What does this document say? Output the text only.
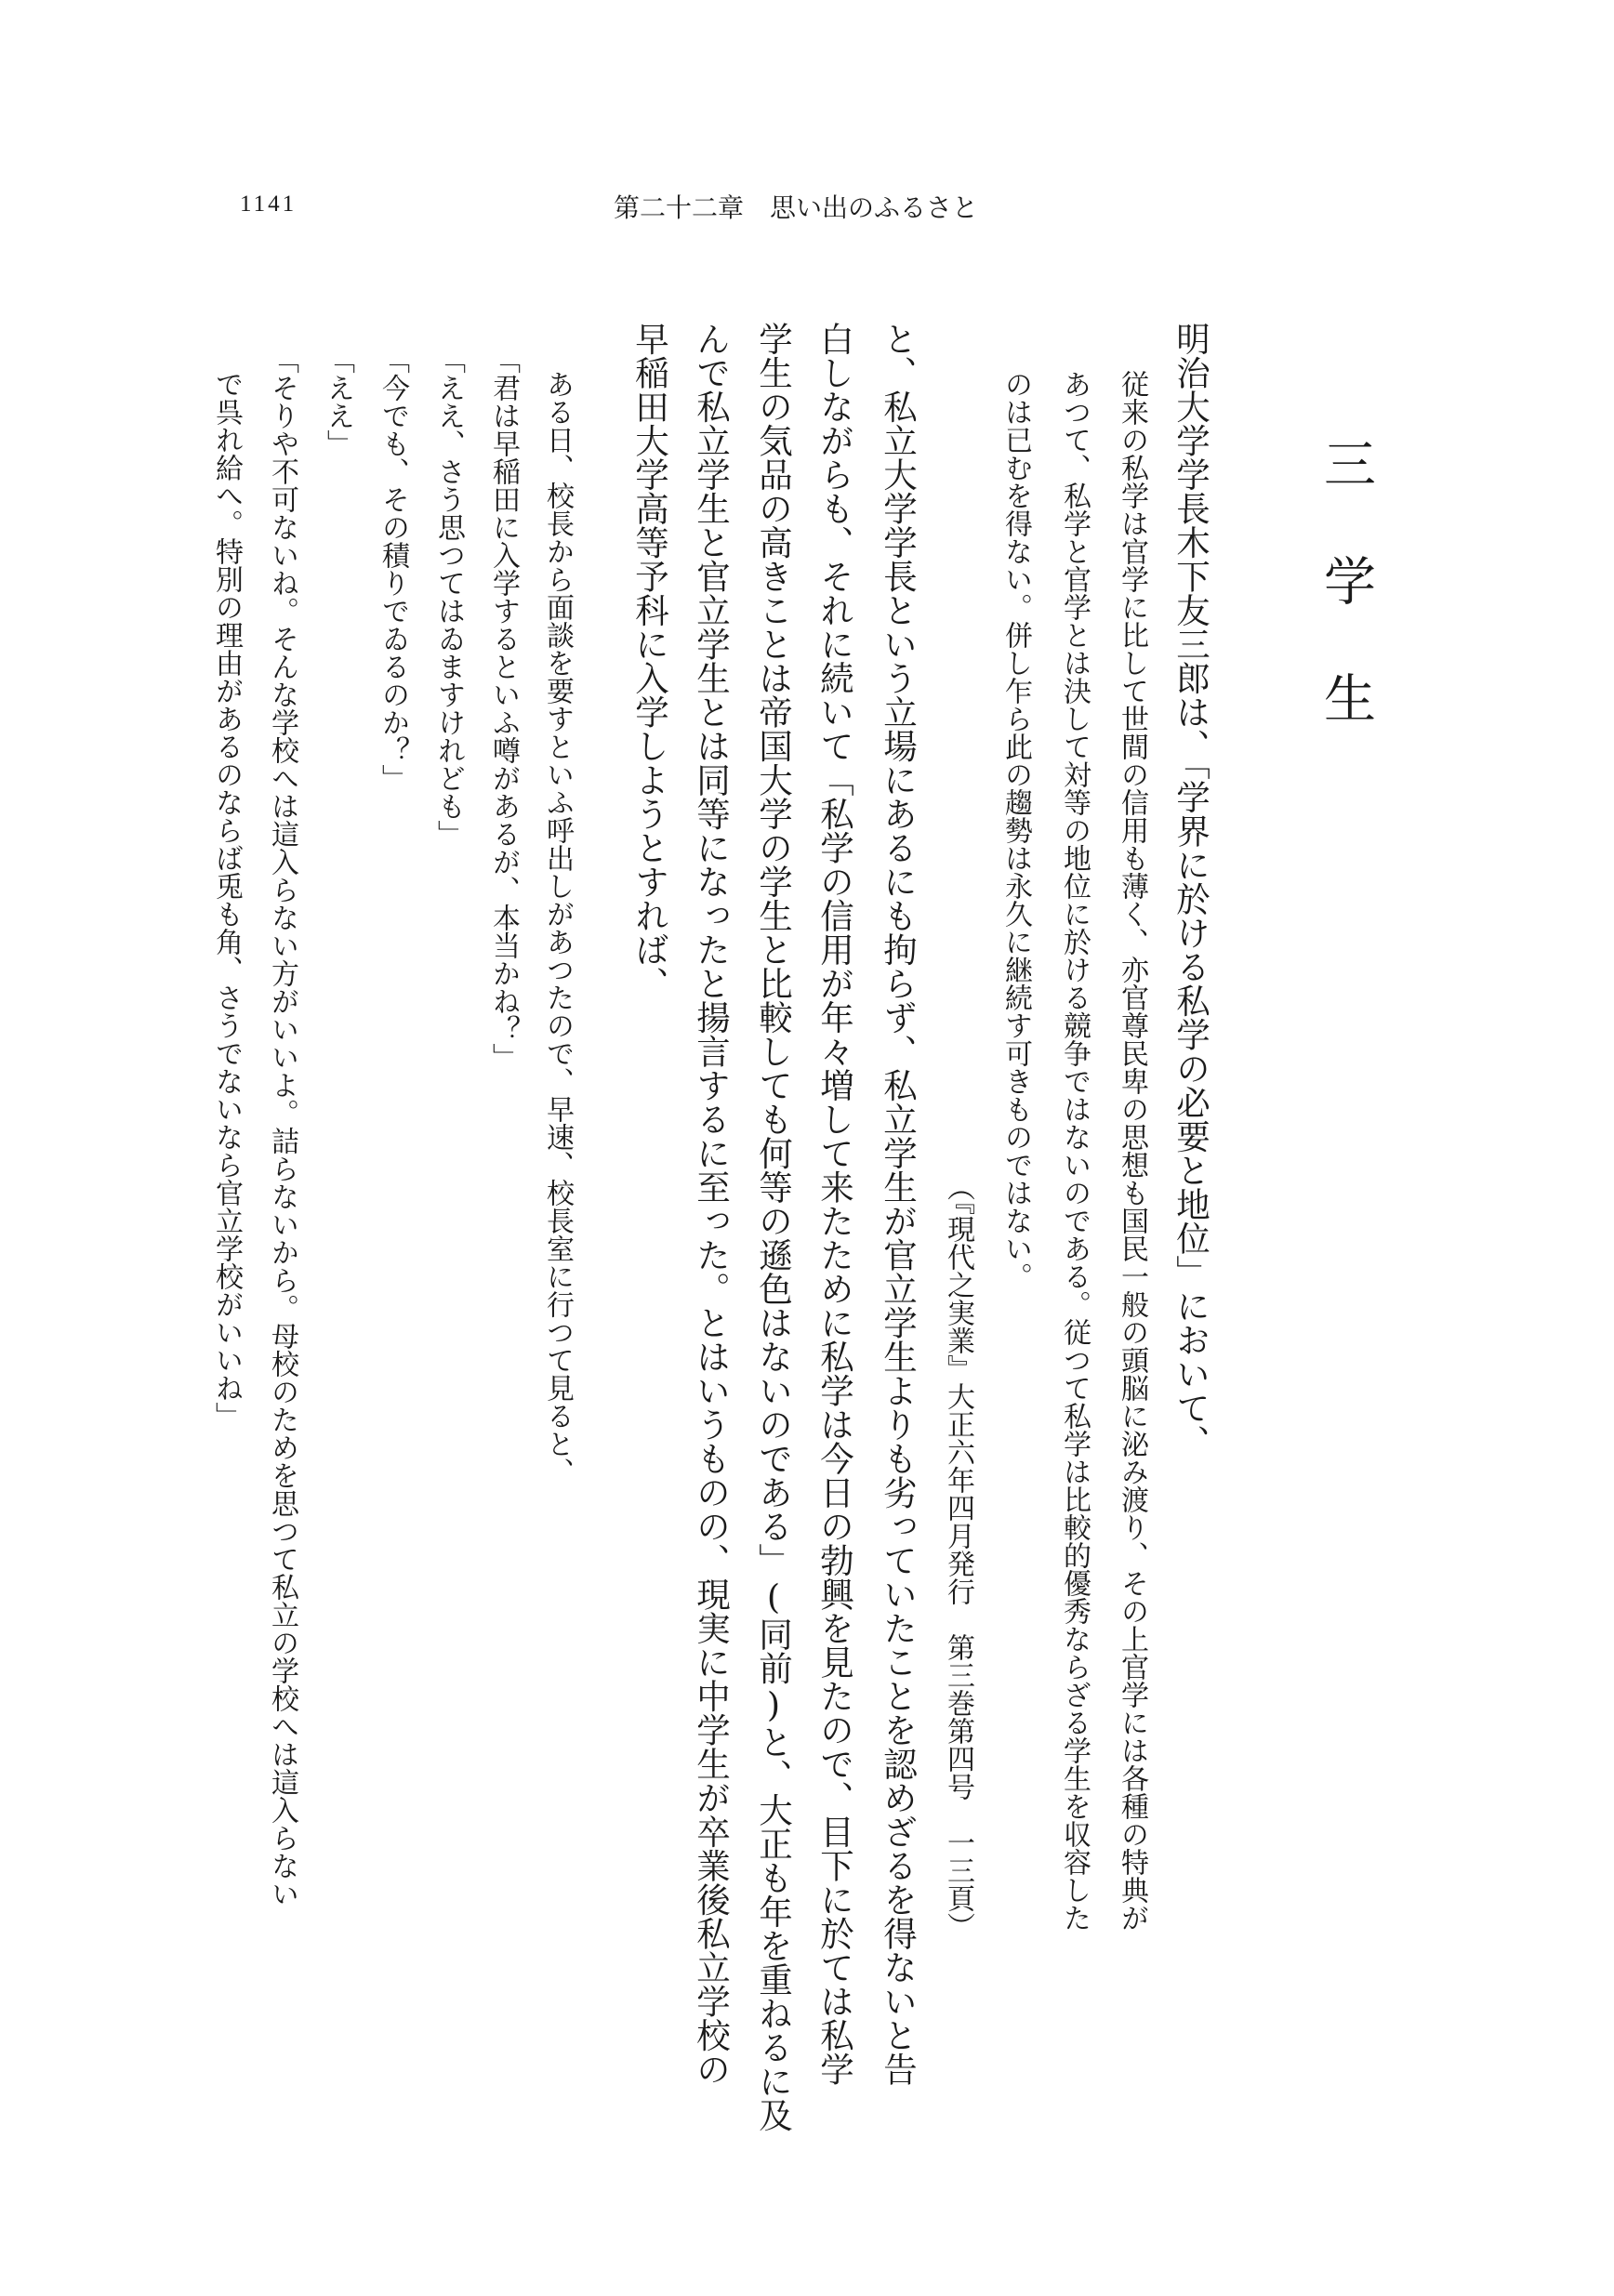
1141	第二十二章　思い出のふるさと
三学生
明治大学学長木下友三郎は、「学界に於ける私学の必要と地位」において、
従来の私学は官学に比して世間の信用も薄く、亦官尊民卑の思想も国民一般の頭脳に泌み渡り、その上官学には各種の特典が
あつて、私学と官学とは決して対等の地位に於ける競争ではないのである。従つて私学は比較的優秀ならざる学生を収容した
のは已むを得ない。併し乍ら此の趨勢は永久に継続す可きものではない。
（『現代之実業』大正六年四月発行　第三巻第四号　一三頁）
と、私立大学学長という立場にあるにも拘らず、私立学生が官立学生よりも劣っていたことを認めざるを得ないと告
白しながらも、それに続いて「私学の信用が年々増して来たために私学は今日の勃興を見たので、目下に於ては私学
学生の気品の高きことは帝国大学の学生と比較しても何等の遜色はないのである」(同前)と、大正も年を重ねるに及
んで私立学生と官立学生とは同等になったと揚言するに至った。とはいうものの、現実に中学生が卒業後私立学校の
早稲田大学高等予科に入学しようとすれば、
ある日、校長から面談を要すといふ呼出しがあつたので、早速、校長室に行つて見ると、
「君は早稲田に入学するといふ噂があるが、本当かね？」
「ええ、さう思つてはゐますけれども」
「今でも、その積りでゐるのか？」
「ええ」
「そりや不可ないね。そんな学校へは這入らない方がいいよ。詰らないから。母校のためを思つて私立の学校へは這入らない
で呉れ給へ。特別の理由があるのならば兎も角、さうでないなら官立学校がいいね」
